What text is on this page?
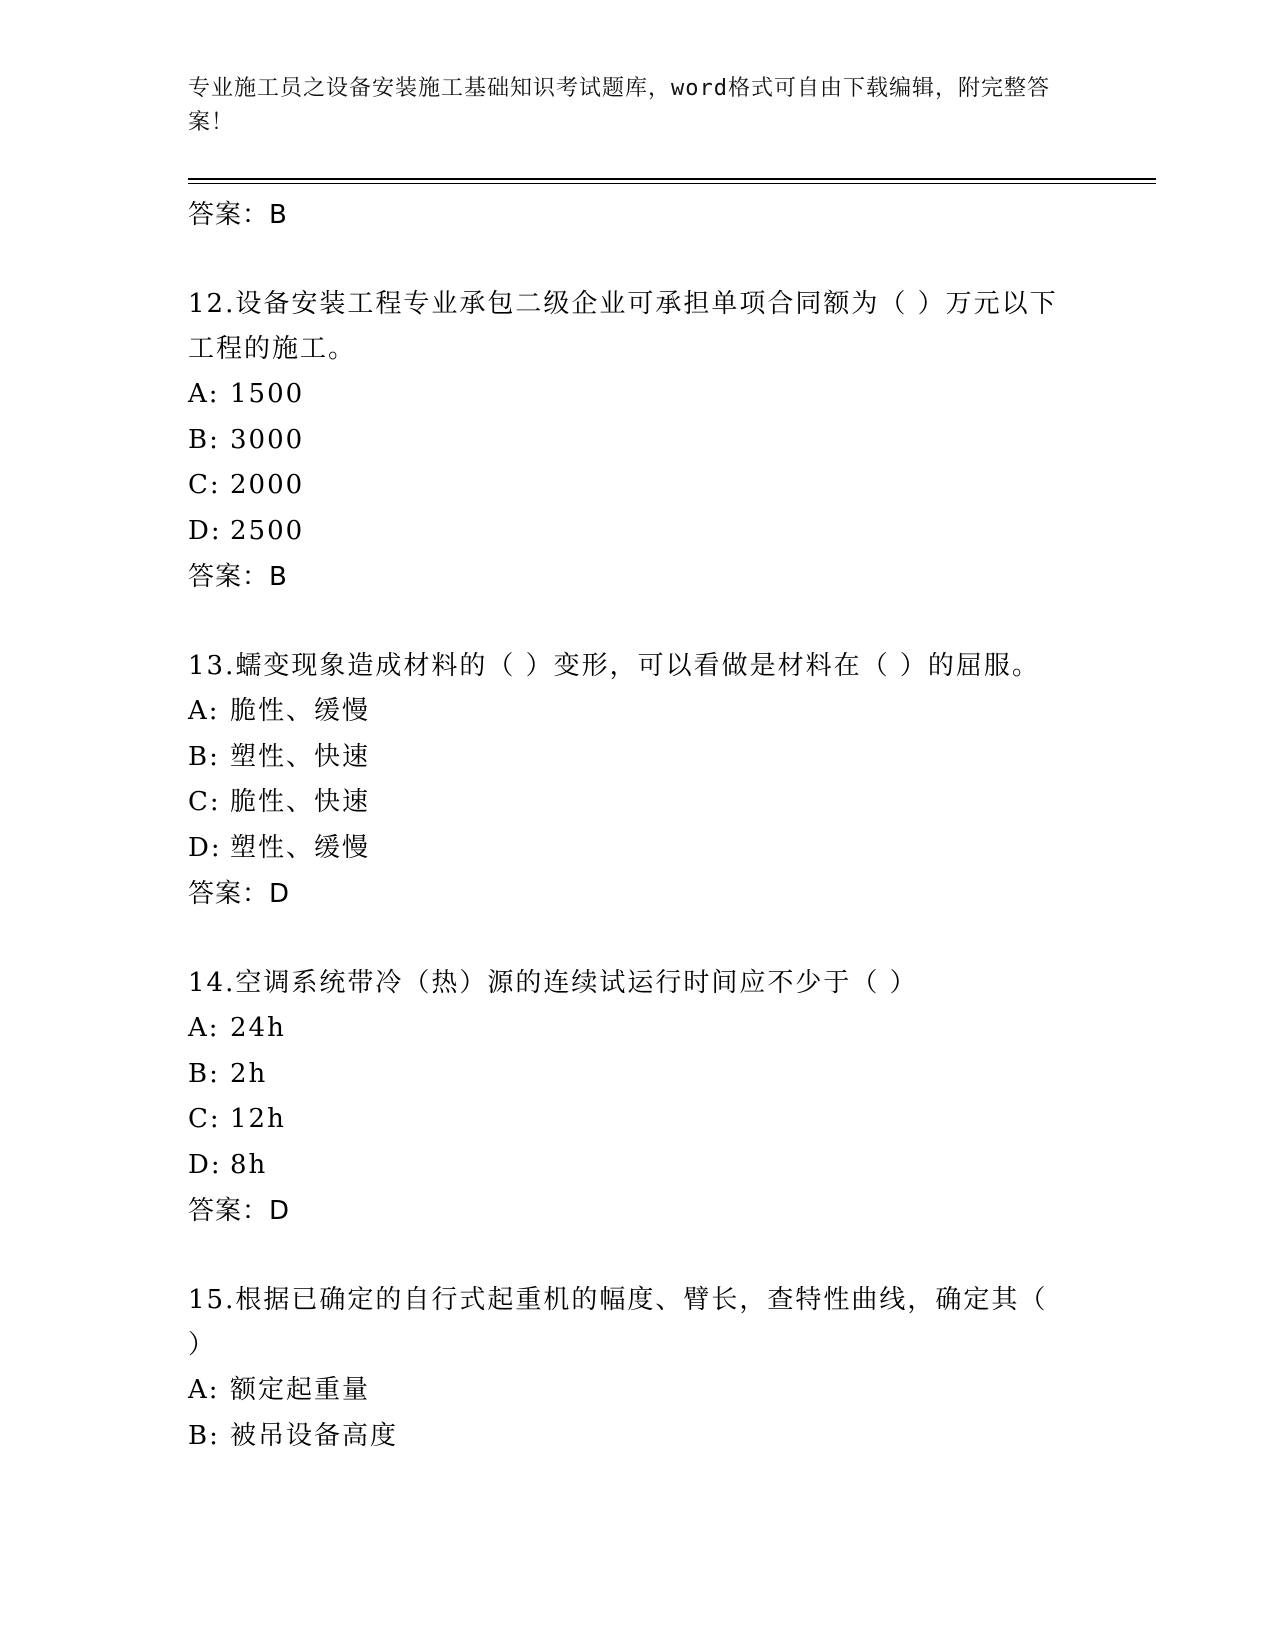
专业施工员之设备安装施工基础知识考试题库，word格式可自由下载编辑，附完整答案！
答案：B
12.设备安装工程专业承包二级企业可承担单项合同额为（ ）万元以下工程的施工。
A: 1500
B: 3000
C: 2000
D: 2500
答案：B
13.蠕变现象造成材料的（ ）变形，可以看做是材料在（ ）的屈服。
A: 脆性、缓慢
B: 塑性、快速
C: 脆性、快速
D: 塑性、缓慢
答案：D
14.空调系统带冷（热）源的连续试运行时间应不少于（ ）
A: 24h
B: 2h
C: 12h
D: 8h
答案：D
15.根据已确定的自行式起重机的幅度、臂长，查特性曲线，确定其（ ）
A: 额定起重量
B: 被吊设备高度
